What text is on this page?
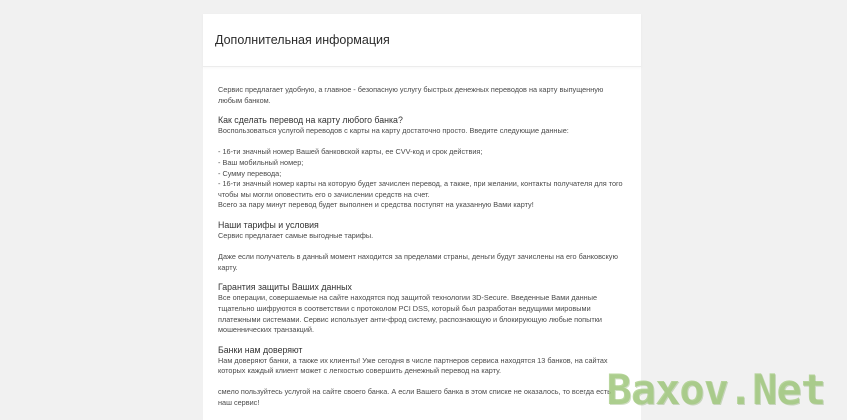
Дополнительная информация

Сервис предлагает удобную, а главное - безопасную услугу быстрых денежных переводов на карту выпущенную любым банком.

Как сделать перевод на карту любого банка?

Воспользоваться услугой переводов с карты на карту достаточно просто. Введите следующие данные:

- 16-ти значный номер Вашей банковской карты, ее CVV-код и срок действия;
- Ваш мобильный номер;
- Сумму перевода;
- 16-ти значный номер карты на которую будет зачислен перевод, а также, при желании, контакты получателя для того чтобы мы могли оповестить его о зачислении средств на счет.

Всего за пару минут перевод будет выполнен и средства поступят на указанную Вами карту!

Наши тарифы и условия

Сервис предлагает самые выгодные тарифы.

Даже если получатель в данный момент находится за пределами страны, деньги будут зачислены на его банковскую карту.

Гарантия защиты Ваших данных

Все операции, совершаемые на сайте находятся под защитой технологии 3D-Secure. Введенные Вами данные тщательно шифруются в соответствии с протоколом PCI DSS, который был разработан ведущими мировыми платежными системами. Сервис использует анти-фрод систему, распознающую и блокирующую любые попытки мошеннических транзакций.

Банки нам доверяют

Нам доверяют банки, а также их клиенты! Уже сегодня в числе партнеров сервиса находятся 13 банков, на сайтах которых каждый клиент может с легкостью совершить денежный перевод на карту.

смело пользуйтесь услугой на сайте своего банка. А если Вашего банка в этом списке не оказалось, то всегда есть наш сервис!	Baxov.Net
